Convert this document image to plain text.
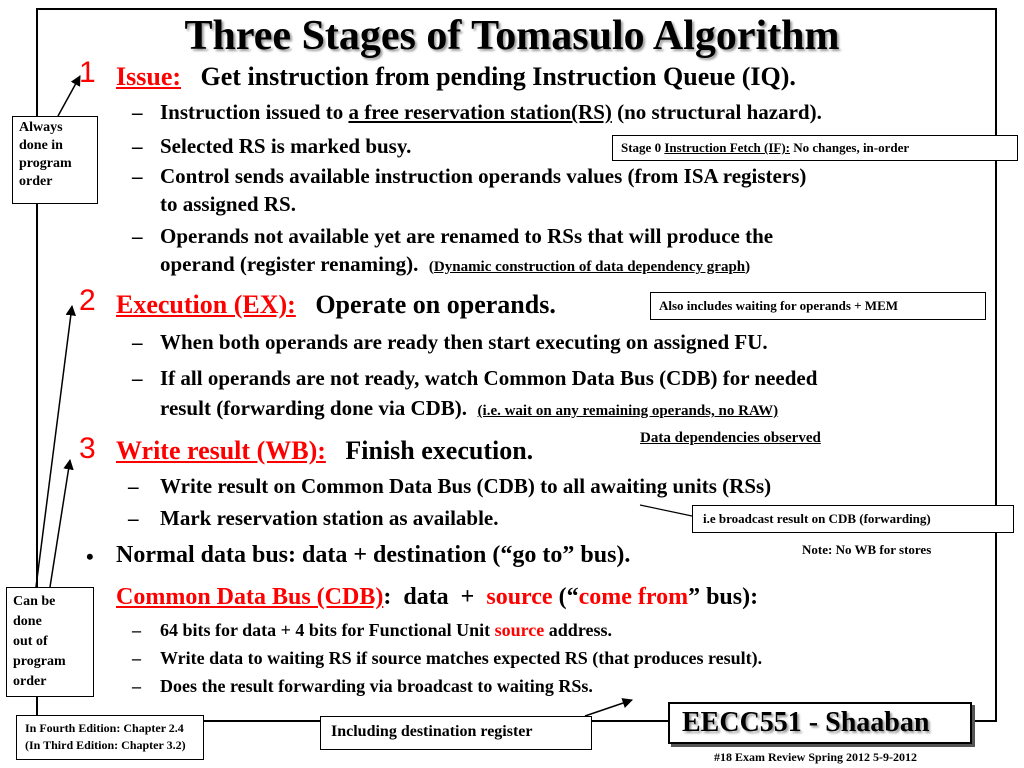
Three Stages of Tomasulo Algorithm
1 Issue: Get instruction from pending Instruction Queue (IQ).
– Instruction issued to a free reservation station(RS) (no structural hazard).
– Selected RS is marked busy.
– Control sends available instruction operands values (from ISA registers)
to assigned RS.
– Operands not available yet are renamed to RSs that will produce the
operand (register renaming). (Dynamic construction of data dependency graph)
2 Execution (EX): Operate on operands.
– When both operands are ready then start executing on assigned FU.
– If all operands are not ready, watch Common Data Bus (CDB) for needed
result (forwarding done via CDB). (i.e. wait on any remaining operands, no RAW)
3 Write result (WB): Finish execution.
– Write result on Common Data Bus (CDB) to all awaiting units (RSs)
– Mark reservation station as available.
• Normal data bus: data + destination (“go to” bus).
Common Data Bus (CDB):  data  +  source (“come from” bus):
– 64 bits for data + 4 bits for Functional Unit source address.
– Write data to waiting RS if source matches expected RS (that produces result).
– Does the result forwarding via broadcast to waiting RSs.
Always
done in
program
order
Can be
done
out of
program
order
Stage 0 Instruction Fetch (IF): No changes, in-order
Also includes waiting for operands + MEM
Data dependencies observed
i.e broadcast result on CDB (forwarding)
Note: No WB for stores
In Fourth Edition: Chapter 2.4
(In Third Edition: Chapter 3.2)
Including destination register	EECC551 - Shaaban
#18 Exam Review Spring 2012 5-9-2012
